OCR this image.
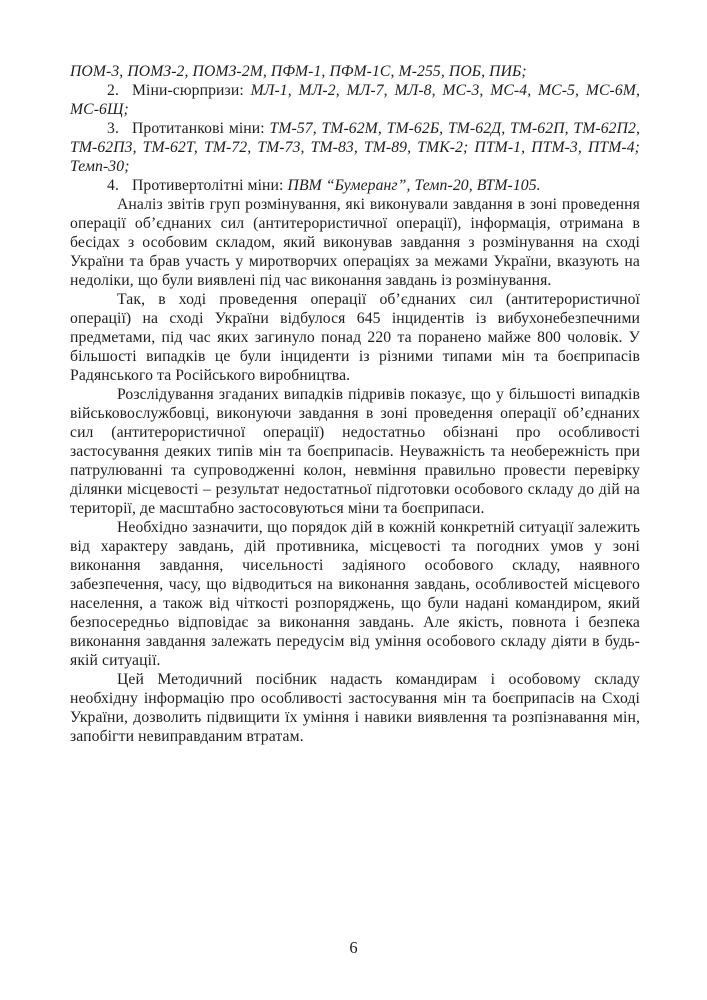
ПОМ-3, ПОМЗ-2, ПОМЗ-2М, ПФМ-1, ПФМ-1С, М-255, ПОБ, ПИБ;

2. Міни-сюрпризи: МЛ-1, МЛ-2, МЛ-7, МЛ-8, МС-3, МС-4, МС-5, МС-6М, МС-6Щ;

3. Протитанкові міни: ТМ-57, ТМ-62М, ТМ-62Б, ТМ-62Д, ТМ-62П, ТМ-62П2, ТМ-62П3, ТМ-62Т, ТМ-72, ТМ-73, ТМ-83, ТМ-89, ТМК-2; ПТМ-1, ПТМ-3, ПТМ-4; Темп-30;

4. Противертолітні міни: ПВМ “Бумеранг”, Темп-20, ВТМ-105.

Аналіз звітів груп розмінування, які виконували завдання в зоні проведення операції об’єднаних сил (антитерористичної операції), інформація, отримана в бесідах з особовим складом, який виконував завдання з розмінування на сході України та брав участь у миротворчих операціях за межами України, вказують на недоліки, що були виявлені під час виконання завдань із розмінування.

Так, в ході проведення операції об’єднаних сил (антитерористичної операції) на сході України відбулося 645 інцидентів із вибухонебезпечними предметами, під час яких загинуло понад 220 та поранено майже 800 чоловік. У більшості випадків це були інциденти із різними типами мін та боєприпасів Радянського та Російського виробництва.

Розслідування згаданих випадків підривів показує, що у більшості випадків військовослужбовці, виконуючи завдання в зоні проведення операції об’єднаних сил (антитерористичної операції) недостатньо обізнані про особливості застосування деяких типів мін та боєприпасів. Неуважність та необережність при патрулюванні та супроводженні колон, невміння правильно провести перевірку ділянки місцевості – результат недостатньої підготовки особового складу до дій на території, де масштабно застосовуються міни та боєприпаси.

Необхідно зазначити, що порядок дій в кожній конкретній ситуації залежить від характеру завдань, дій противника, місцевості та погодних умов у зоні виконання завдання, чисельності задіяного особового складу, наявного забезпечення, часу, що відводиться на виконання завдань, особливостей місцевого населення, а також від чіткості розпоряджень, що були надані командиром, який безпосередньо відповідає за виконання завдань. Але якість, повнота і безпека виконання завдання залежать передусім від уміння особового складу діяти в будь-якій ситуації.

Цей Методичний посібник надасть командирам і особовому складу необхідну інформацію про особливості застосування мін та боєприпасів на Сході України, дозволить підвищити їх уміння і навики виявлення та розпізнавання мін, запобігти невиправданим втратам.

6
